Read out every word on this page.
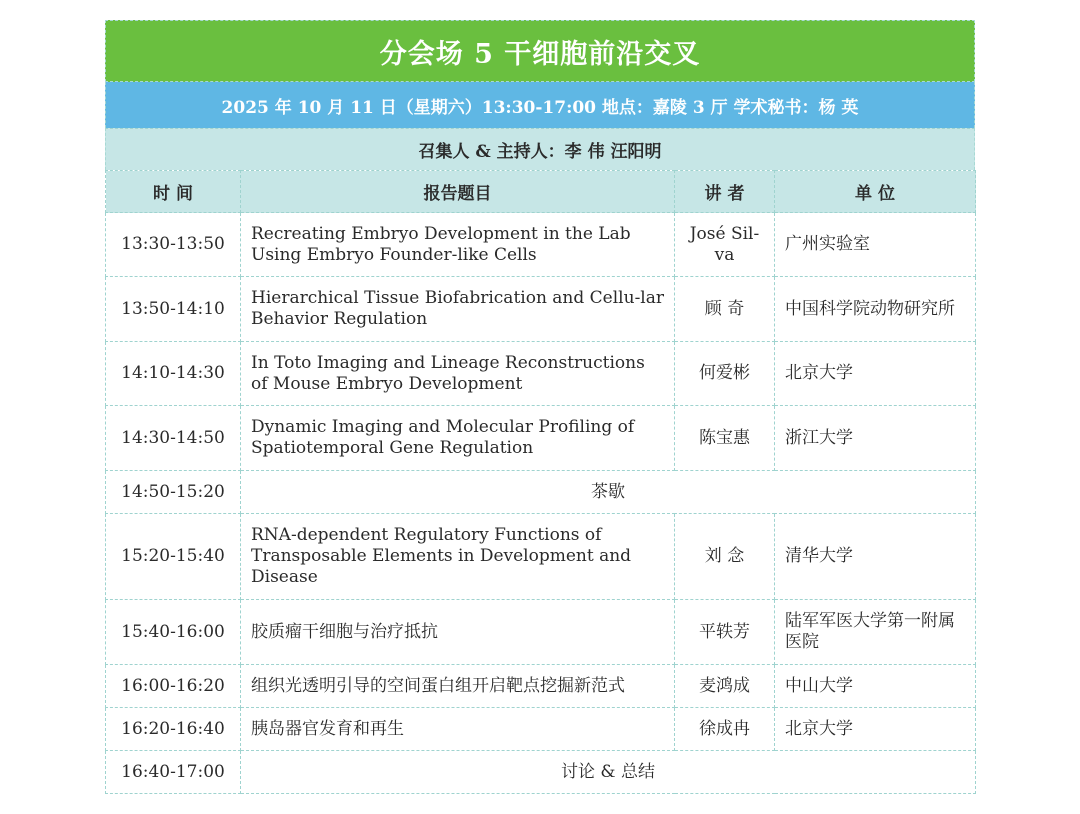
分会场 5 干细胞前沿交叉
2025 年 10 月 11 日（星期六）13:30-17:00 地点：嘉陵 3 厅 学术秘书：杨 英
召集人 & 主持人：李 伟 汪阳明
时 间	报告题目	讲 者	单 位
13:30-13:50	Recreating Embryo Development in the Lab Using Embryo Founder-like Cells	José Sil-va	广州实验室
13:50-14:10	Hierarchical Tissue Biofabrication and Cellu-lar Behavior Regulation	顾 奇	中国科学院动物研究所
14:10-14:30	In Toto Imaging and Lineage Reconstructions of Mouse Embryo Development	何爱彬	北京大学
14:30-14:50	Dynamic Imaging and Molecular Profiling of Spatiotemporal Gene Regulation	陈宝惠	浙江大学
14:50-15:20	茶歇		
15:20-15:40	RNA-dependent Regulatory Functions of Transposable Elements in Development and Disease	刘 念	清华大学
15:40-16:00	胶质瘤干细胞与治疗抵抗	平轶芳	陆军军医大学第一附属医院
16:00-16:20	组织光透明引导的空间蛋白组开启靶点挖掘新范式	麦鸿成	中山大学
16:20-16:40	胰岛器官发育和再生	徐成冉	北京大学
16:40-17:00	讨论 & 总结		
